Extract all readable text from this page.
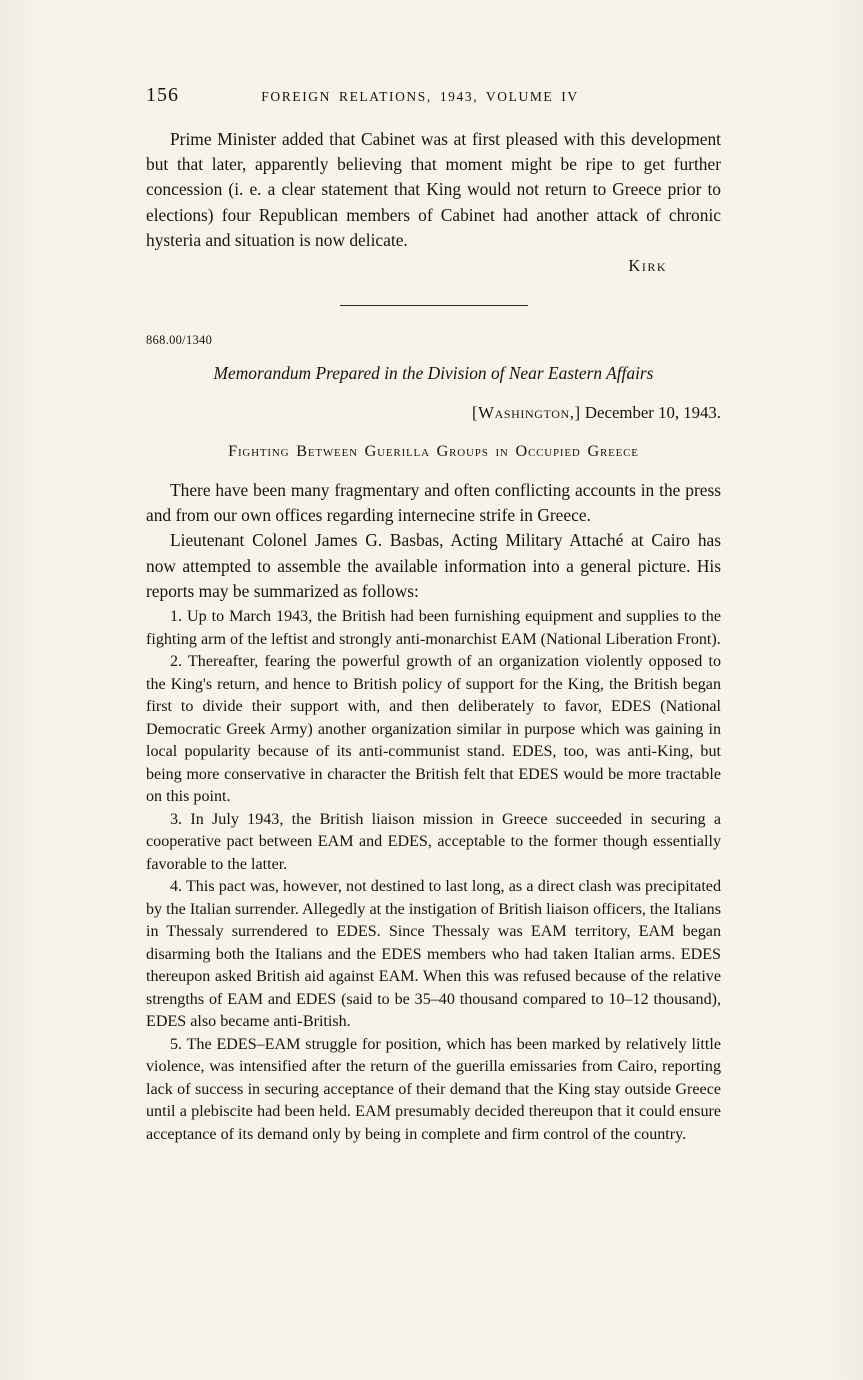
156	FOREIGN RELATIONS, 1943, VOLUME IV

Prime Minister added that Cabinet was at first pleased with this development but that later, apparently believing that moment might be ripe to get further concession (i. e. a clear statement that King would not return to Greece prior to elections) four Republican members of Cabinet had another attack of chronic hysteria and situation is now delicate.

Kirk
868.00/1340
Memorandum Prepared in the Division of Near Eastern Affairs
[Washington,] December 10, 1943.
Fighting Between Guerilla Groups in Occupied Greece

There have been many fragmentary and often conflicting accounts in the press and from our own offices regarding internecine strife in Greece.

Lieutenant Colonel James G. Basbas, Acting Military Attaché at Cairo has now attempted to assemble the available information into a general picture. His reports may be summarized as follows:

1. Up to March 1943, the British had been furnishing equipment and supplies to the fighting arm of the leftist and strongly anti-monarchist EAM (National Liberation Front).

2. Thereafter, fearing the powerful growth of an organization violently opposed to the King's return, and hence to British policy of support for the King, the British began first to divide their support with, and then deliberately to favor, EDES (National Democratic Greek Army) another organization similar in purpose which was gaining in local popularity because of its anti-communist stand. EDES, too, was anti-King, but being more conservative in character the British felt that EDES would be more tractable on this point.

3. In July 1943, the British liaison mission in Greece succeeded in securing a cooperative pact between EAM and EDES, acceptable to the former though essentially favorable to the latter.

4. This pact was, however, not destined to last long, as a direct clash was precipitated by the Italian surrender. Allegedly at the instigation of British liaison officers, the Italians in Thessaly surrendered to EDES. Since Thessaly was EAM territory, EAM began disarming both the Italians and the EDES members who had taken Italian arms. EDES thereupon asked British aid against EAM. When this was refused because of the relative strengths of EAM and EDES (said to be 35–40 thousand compared to 10–12 thousand), EDES also became anti-British.

5. The EDES–EAM struggle for position, which has been marked by relatively little violence, was intensified after the return of the guerilla emissaries from Cairo, reporting lack of success in securing acceptance of their demand that the King stay outside Greece until a plebiscite had been held. EAM presumably decided thereupon that it could ensure acceptance of its demand only by being in complete and firm control of the country.
